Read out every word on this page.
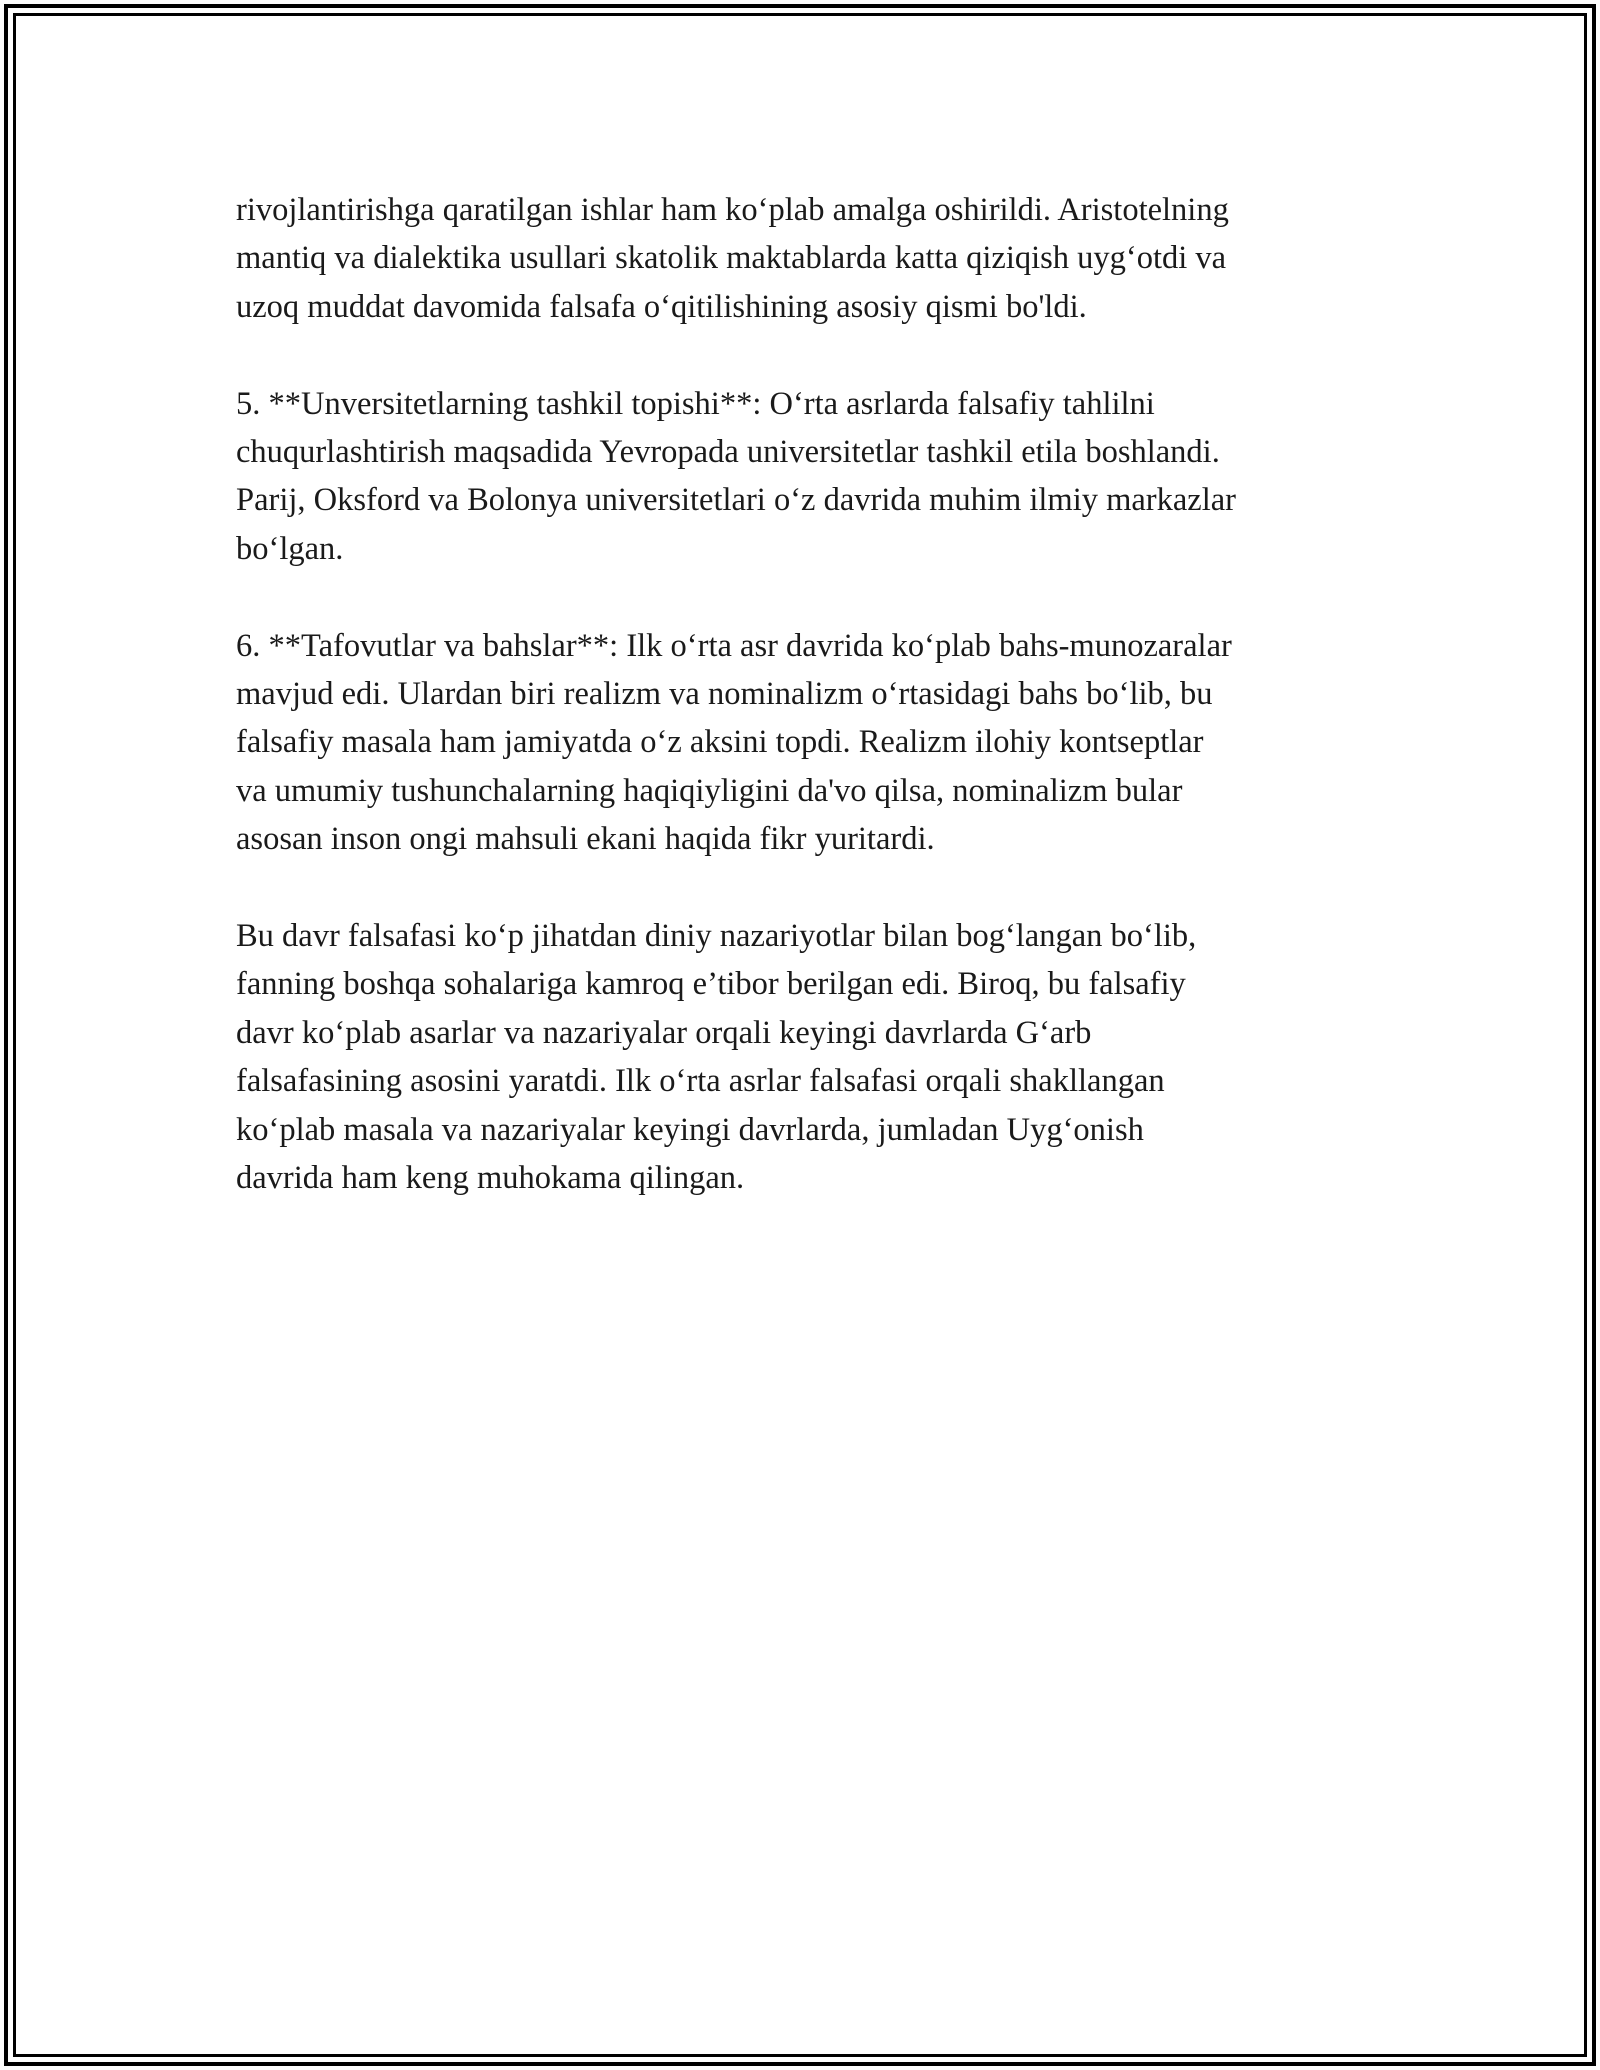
rivojlantirishga qaratilgan ishlar ham ko‘plab amalga oshirildi. Aristotelning
mantiq va dialektika usullari skatolik maktablarda katta qiziqish uyg‘otdi va
uzoq muddat davomida falsafa o‘qitilishining asosiy qismi bo'ldi.

5. **Unversitetlarning tashkil topishi**: O‘rta asrlarda falsafiy tahlilni
chuqurlashtirish maqsadida Yevropada universitetlar tashkil etila boshlandi.
Parij, Oksford va Bolonya universitetlari o‘z davrida muhim ilmiy markazlar
bo‘lgan.

6. **Tafovutlar va bahslar**: Ilk o‘rta asr davrida ko‘plab bahs-munozaralar
mavjud edi. Ulardan biri realizm va nominalizm o‘rtasidagi bahs bo‘lib, bu
falsafiy masala ham jamiyatda o‘z aksini topdi. Realizm ilohiy kontseptlar
va umumiy tushunchalarning haqiqiyligini da'vo qilsa, nominalizm bular
asosan inson ongi mahsuli ekani haqida fikr yuritardi.

Bu davr falsafasi ko‘p jihatdan diniy nazariyotlar bilan bog‘langan bo‘lib,
fanning boshqa sohalariga kamroq e’tibor berilgan edi. Biroq, bu falsafiy
davr ko‘plab asarlar va nazariyalar orqali keyingi davrlarda G‘arb
falsafasining asosini yaratdi. Ilk o‘rta asrlar falsafasi orqali shakllangan
ko‘plab masala va nazariyalar keyingi davrlarda, jumladan Uyg‘onish
davrida ham keng muhokama qilingan.
